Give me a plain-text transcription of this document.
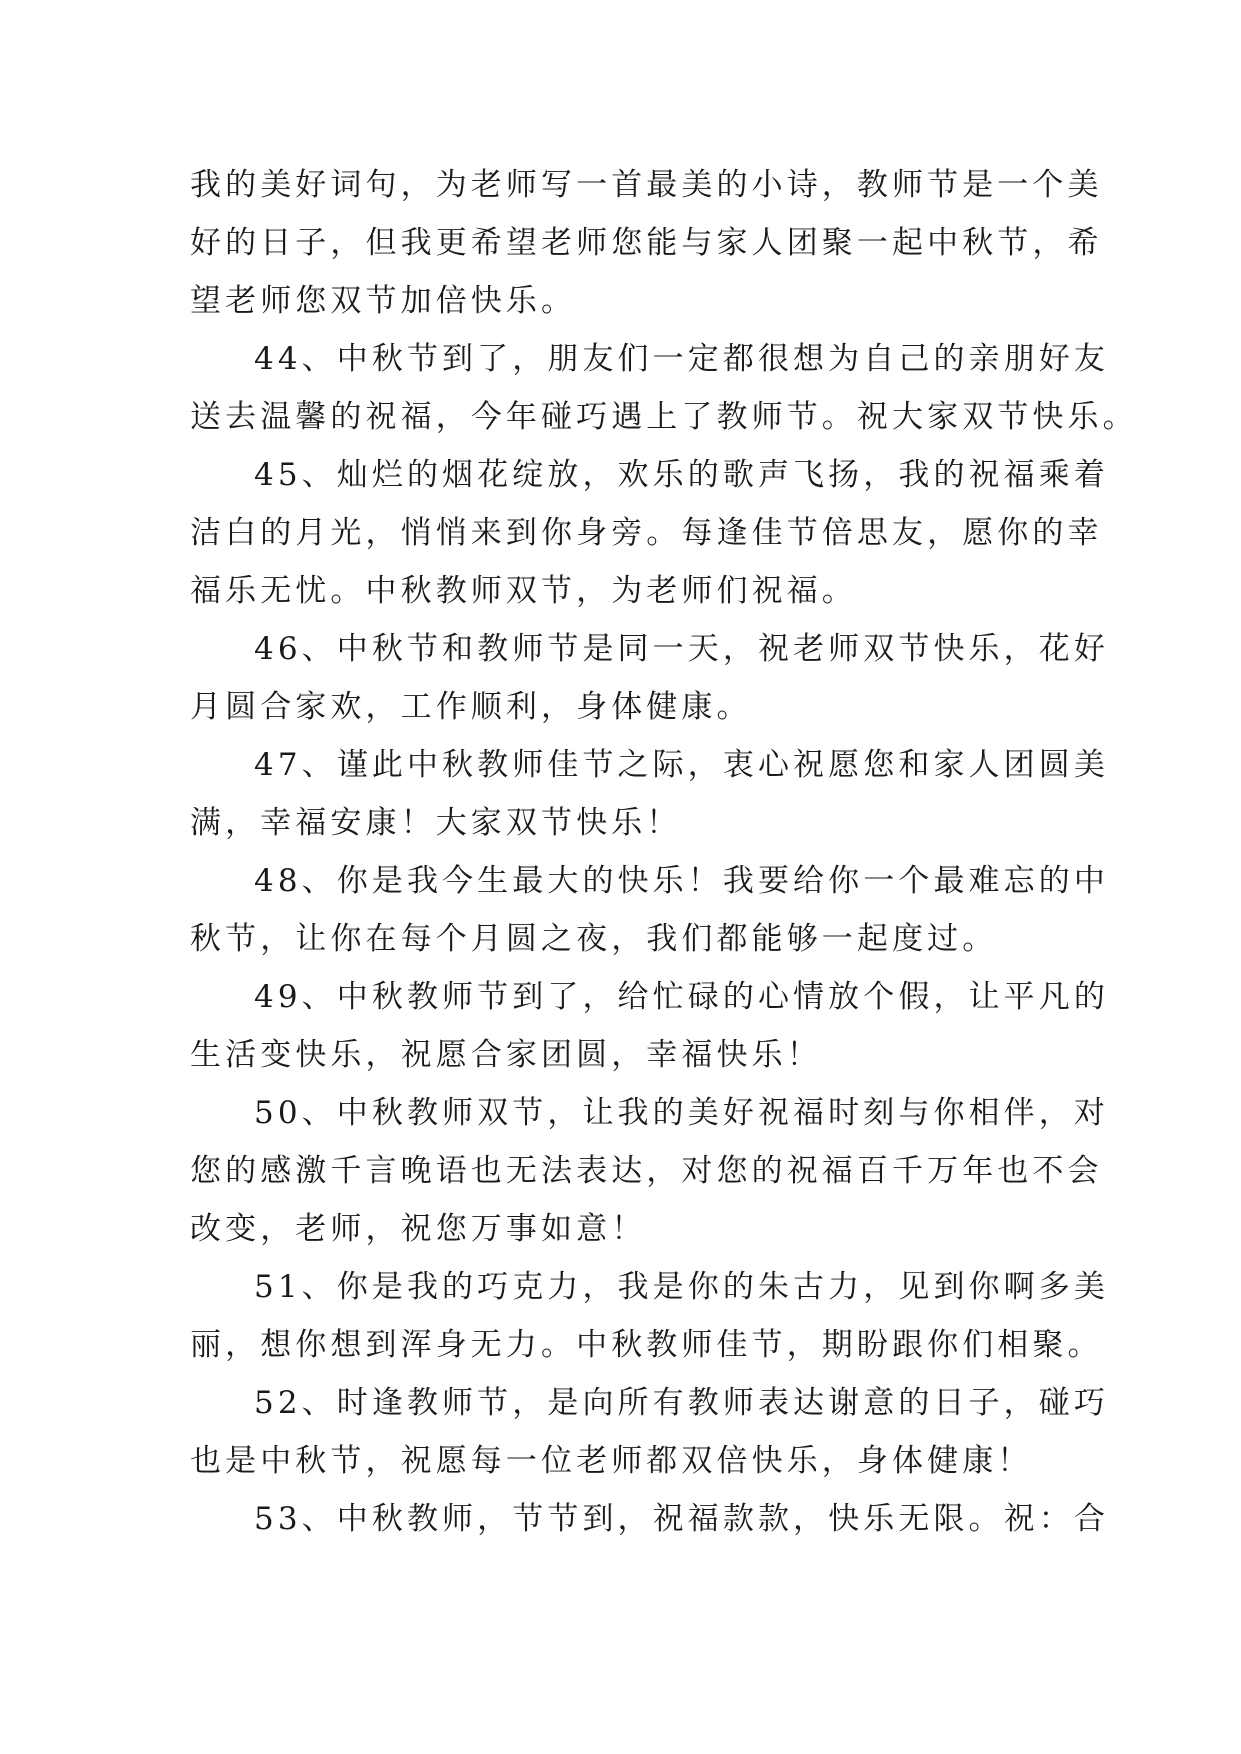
我的美好词句，为老师写一首最美的小诗，教师节是一个美
好的日子，但我更希望老师您能与家人团聚一起中秋节，希
望老师您双节加倍快乐。
44、中秋节到了，朋友们一定都很想为自己的亲朋好友
送去温馨的祝福，今年碰巧遇上了教师节。祝大家双节快乐。
45、灿烂的烟花绽放，欢乐的歌声飞扬，我的祝福乘着
洁白的月光，悄悄来到你身旁。每逢佳节倍思友，愿你的幸
福乐无忧。中秋教师双节，为老师们祝福。
46、中秋节和教师节是同一天，祝老师双节快乐，花好
月圆合家欢，工作顺利，身体健康。
47、谨此中秋教师佳节之际，衷心祝愿您和家人团圆美
满，幸福安康！大家双节快乐！
48、你是我今生最大的快乐！我要给你一个最难忘的中
秋节，让你在每个月圆之夜，我们都能够一起度过。
49、中秋教师节到了，给忙碌的心情放个假，让平凡的
生活变快乐，祝愿合家团圆，幸福快乐！
50、中秋教师双节，让我的美好祝福时刻与你相伴，对
您的感激千言晚语也无法表达，对您的祝福百千万年也不会
改变，老师，祝您万事如意！
51、你是我的巧克力，我是你的朱古力，见到你啊多美
丽，想你想到浑身无力。中秋教师佳节，期盼跟你们相聚。
52、时逢教师节，是向所有教师表达谢意的日子，碰巧
也是中秋节，祝愿每一位老师都双倍快乐，身体健康！
53、中秋教师，节节到，祝福款款，快乐无限。祝：合
